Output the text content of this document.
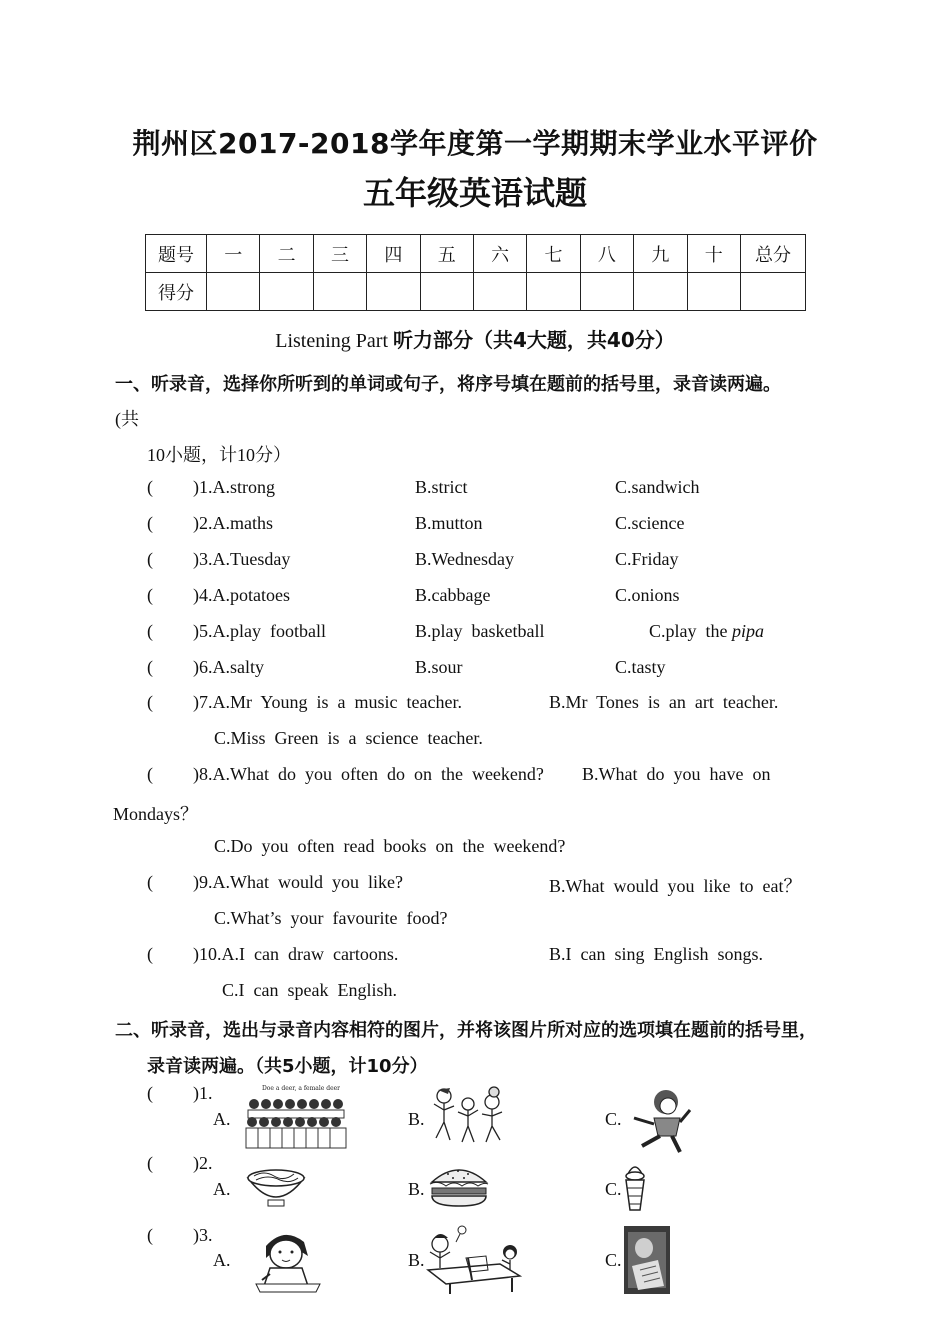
荆州区2017-2018学年度第一学期期末学业水平评价
五年级英语试题
题号	一	二	三	四	五	六	七	八	九	十	总分
得分											
Listening Part 听力部分（共4大题，共40分）
一、听录音，选择你所听到的单词或句子，将序号填在题前的括号里，录音读两遍。
(共
10小题，计10分）
( )1.A.strong	B.strict	C.sandwich
( )2.A.maths	B.mutton	C.science
( )3.A.Tuesday	B.Wednesday	C.Friday
( )4.A.potatoes	B.cabbage	C.onions
( )5.A.play  football	B.play  basketball	C.play  the pipa
( )6.A.salty	B.sour	C.tasty
( )7.A.Mr  Young  is  a  music  teacher.	B.Mr  Tones  is  an  art  teacher.
C.Miss  Green  is  a  science  teacher.
( )8.A.What  do  you  often  do  on  the  weekend? B.What  do  you  have  on
Mondays？
C.Do  you  often  read  books  on  the  weekend?
( )9.A.What  would  you  like?	B.What  would  you  like  to  eat？
C.What’s  your  favourite  food?
( )10.A.I  can  draw  cartoons.	B.I  can  sing  English  songs.
C.I  can  speak  English.
二、听录音，选出与录音内容相符的图片，并将该图片所对应的选项填在题前的括号里，
录音读两遍。（共5小题，计10分）
( )1.
A.	B.	C.
Doe a deer, a female deer
( )2.
A.	B.	C.
( )3.
A.	B.	C.
